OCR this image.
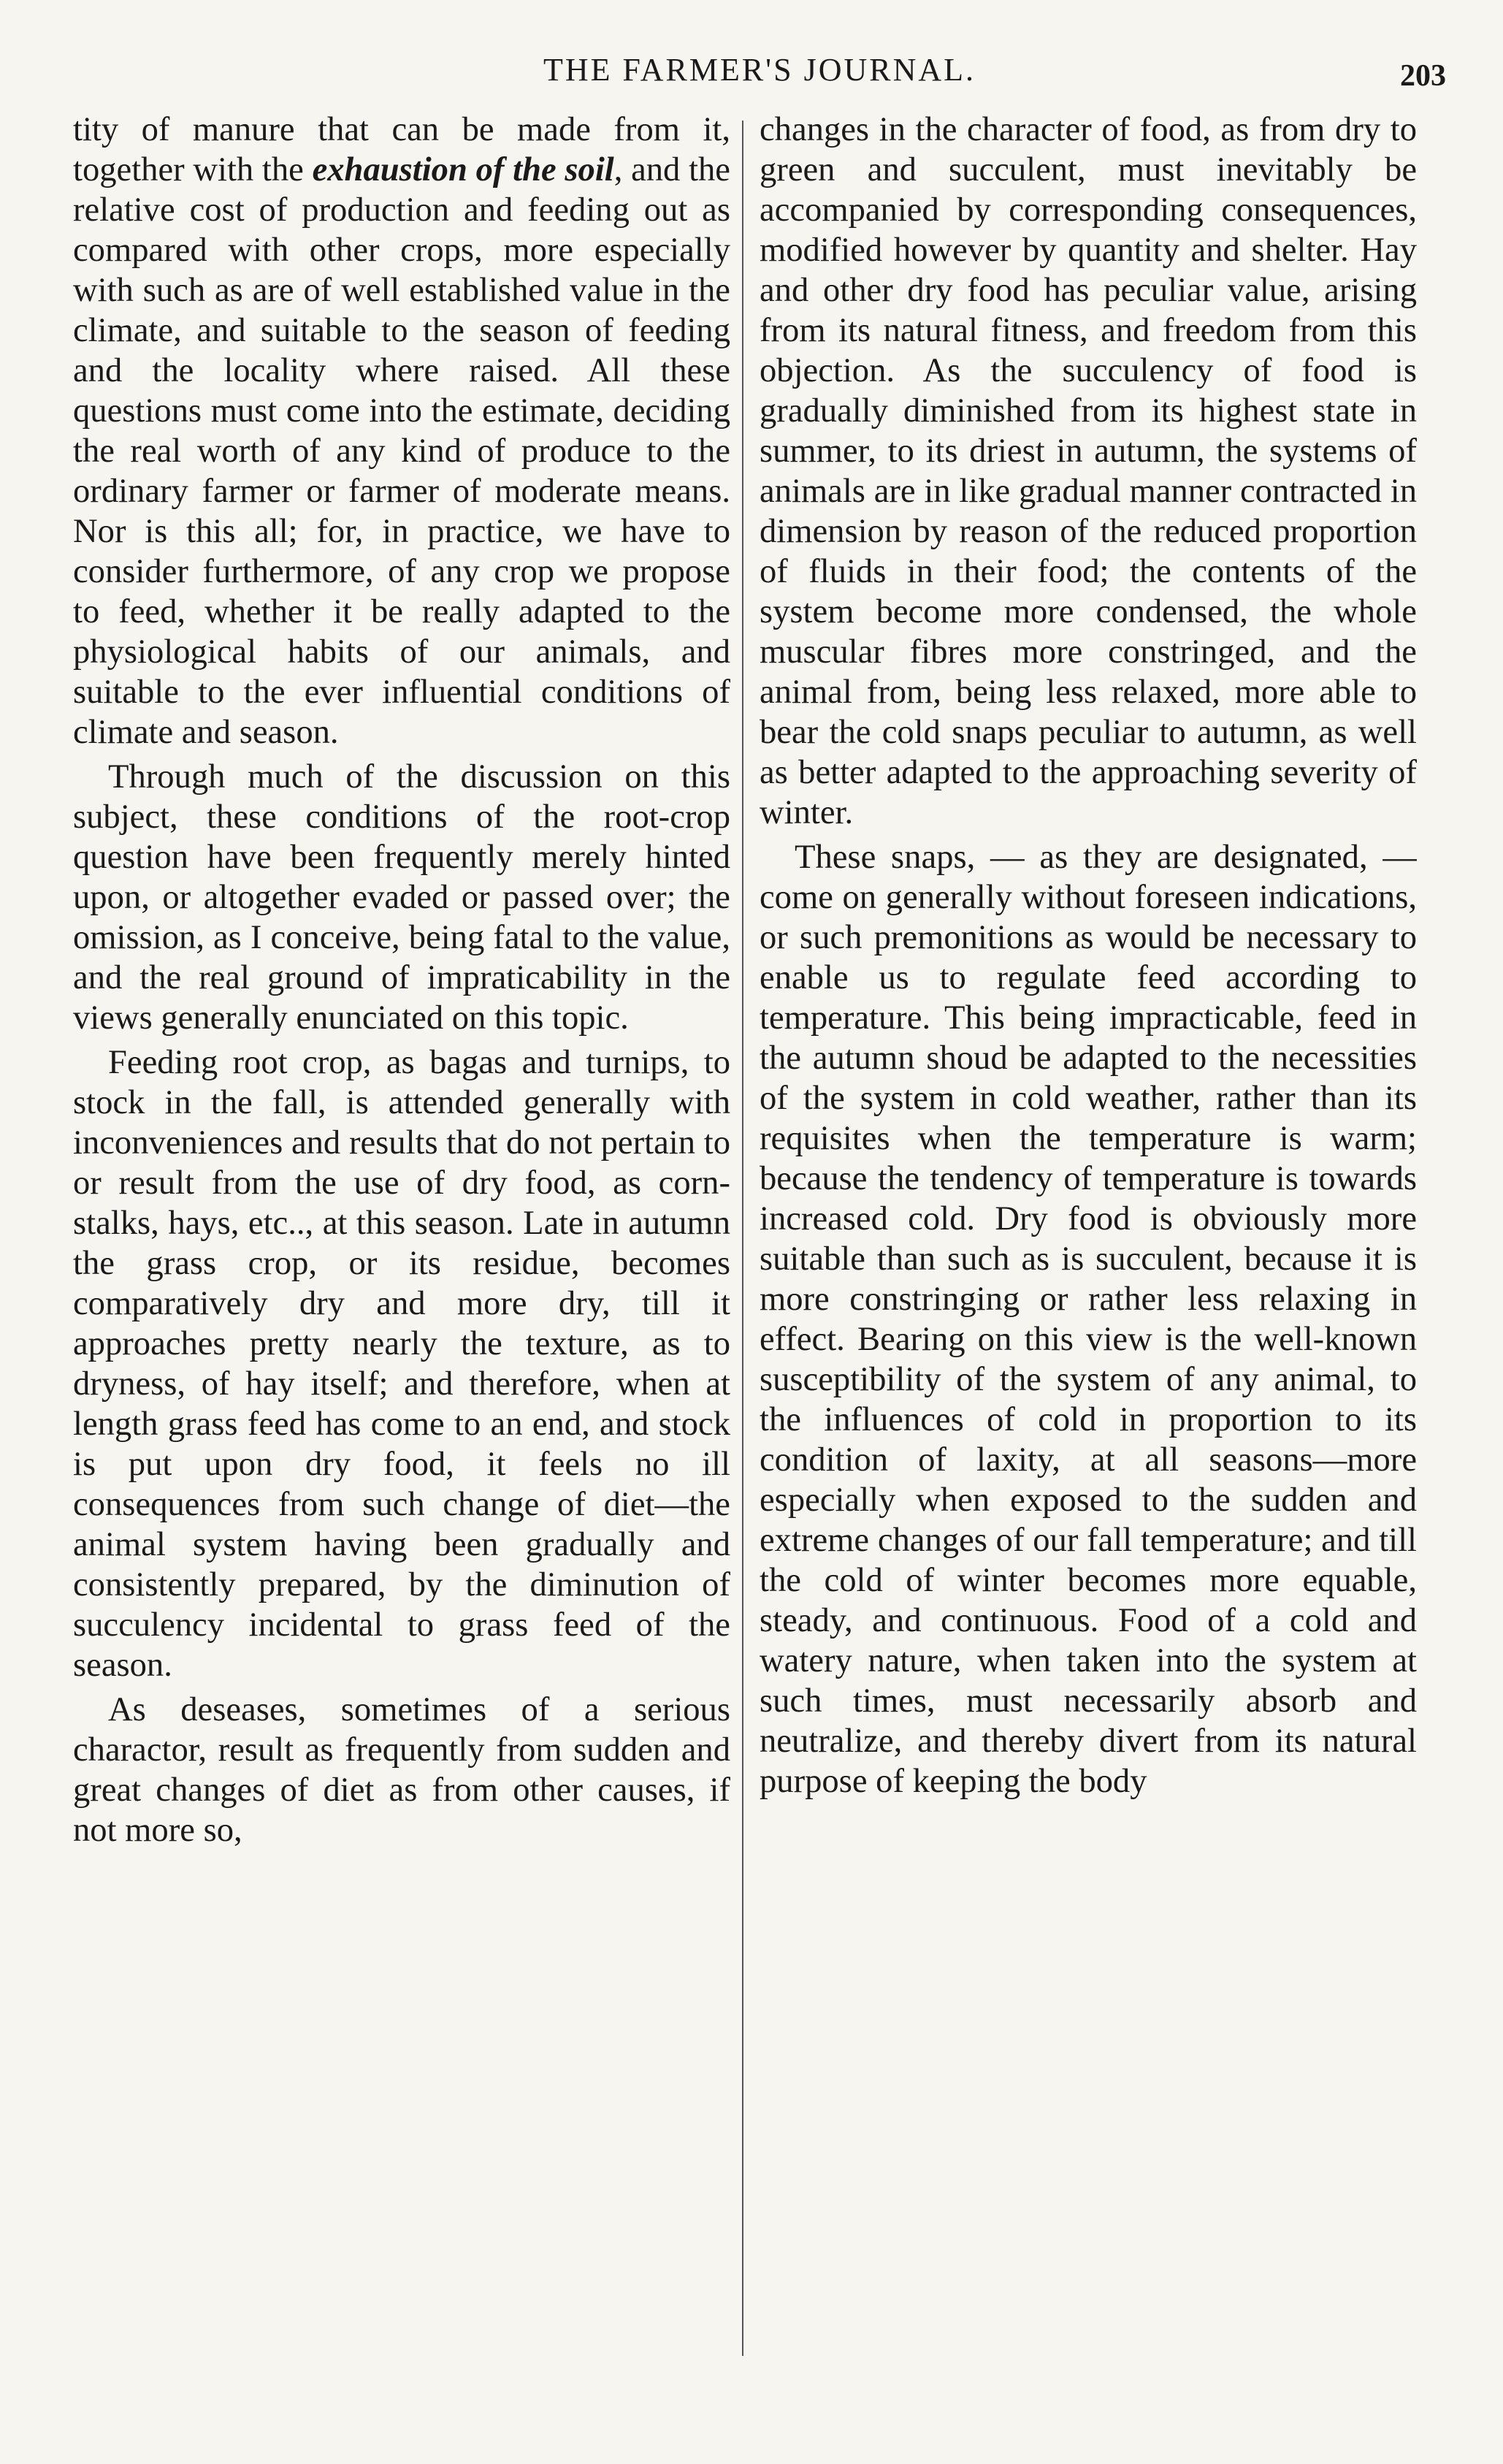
THE FARMER'S JOURNAL.	203

tity of manure that can be made from it, together with the exhaustion of the soil, and the relative cost of production and feeding out as compared with other crops, more especially with such as are of well established value in the climate, and suitable to the season of feeding and the locality where raised. All these questions must come into the estimate, deciding the real worth of any kind of produce to the ordinary farmer or farmer of moderate means. Nor is this all; for, in practice, we have to consider furthermore, of any crop we propose to feed, whether it be really adapted to the physiological habits of our animals, and suitable to the ever influential conditions of climate and season.

Through much of the discussion on this subject, these conditions of the root-crop question have been frequently merely hinted upon, or altogether evaded or passed over; the omission, as I conceive, being fatal to the value, and the real ground of impraticability in the views generally enunciated on this topic.

Feeding root crop, as bagas and turnips, to stock in the fall, is attended generally with inconveniences and results that do not pertain to or result from the use of dry food, as corn-stalks, hays, etc.., at this season. Late in autumn the grass crop, or its residue, becomes comparatively dry and more dry, till it approaches pretty nearly the texture, as to dryness, of hay itself; and therefore, when at length grass feed has come to an end, and stock is put upon dry food, it feels no ill consequences from such change of diet—the animal system having been gradually and consistently prepared, by the diminution of succulency incidental to grass feed of the season.

As deseases, sometimes of a serious charactor, result as frequently from sudden and great changes of diet as from other causes, if not more so,

changes in the character of food, as from dry to green and succulent, must inevitably be accompanied by corresponding consequences, modified however by quantity and shelter. Hay and other dry food has peculiar value, arising from its natural fitness, and freedom from this objection. As the succulency of food is gradually diminished from its highest state in summer, to its driest in autumn, the systems of animals are in like gradual manner contracted in dimension by reason of the reduced proportion of fluids in their food; the contents of the system become more condensed, the whole muscular fibres more constringed, and the animal from, being less relaxed, more able to bear the cold snaps peculiar to autumn, as well as better adapted to the approaching severity of winter.

These snaps, — as they are designated, — come on generally without foreseen indications, or such premonitions as would be necessary to enable us to regulate feed according to temperature. This being impracticable, feed in the autumn shoud be adapted to the necessities of the system in cold weather, rather than its requisites when the temperature is warm; because the tendency of temperature is towards increased cold. Dry food is obviously more suitable than such as is succulent, because it is more constringing or rather less relaxing in effect. Bearing on this view is the well-known susceptibility of the system of any animal, to the influences of cold in proportion to its condition of laxity, at all seasons—more especially when exposed to the sudden and extreme changes of our fall temperature; and till the cold of winter becomes more equable, steady, and continuous. Food of a cold and watery nature, when taken into the system at such times, must necessarily absorb and neutralize, and thereby divert from its natural purpose of keeping the body
